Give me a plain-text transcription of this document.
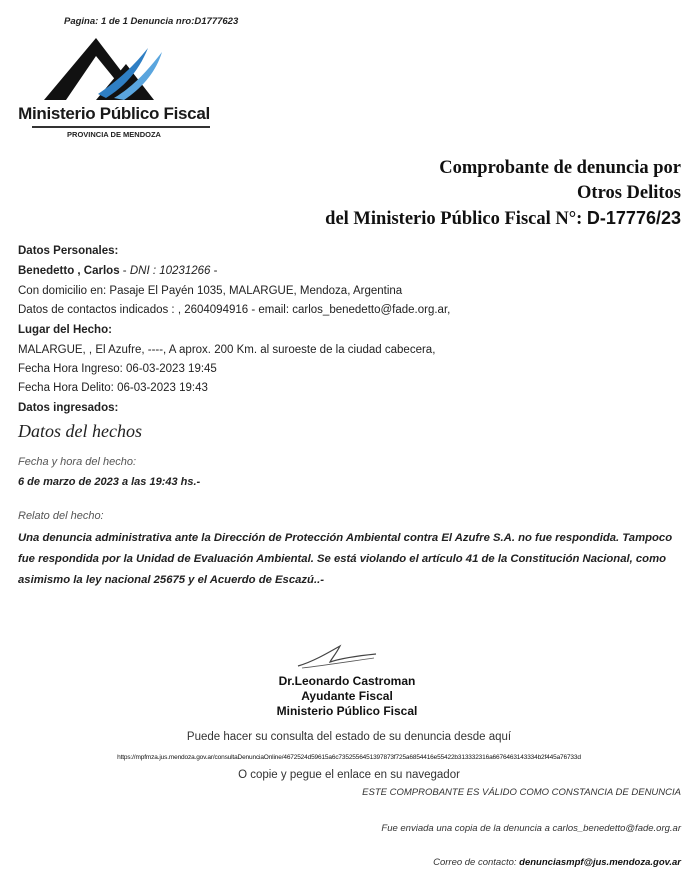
Pagina: 1 de 1 Denuncia nro:D1777623
Ministerio Público Fiscal
PROVINCIA DE MENDOZA
Comprobante de denuncia por
Otros Delitos
del Ministerio Público Fiscal N°: D-17776/23
Datos Personales:
Benedetto , Carlos - DNI : 10231266 -
Con domicilio en: Pasaje El Payén 1035, MALARGUE, Mendoza, Argentina
Datos de contactos indicados : , 2604094916 - email: carlos_benedetto@fade.org.ar,
Lugar del Hecho:
MALARGUE, , El Azufre, ----, A aprox. 200 Km. al suroeste de la ciudad cabecera,
Fecha Hora Ingreso: 06-03-2023 19:45
Fecha Hora Delito: 06-03-2023 19:43
Datos ingresados:
Datos del hechos
Fecha y hora del hecho:
6 de marzo de 2023 a las 19:43 hs.-
Relato del hecho:
Una denuncia administrativa ante la Dirección de Protección Ambiental contra El Azufre S.A. no fue respondida. Tampoco fue respondida por la Unidad de Evaluación Ambiental. Se está violando el artículo 41 de la Constitución Nacional, como asimismo la ley nacional 25675 y el Acuerdo de Escazú..-
Dr.Leonardo Castroman
Ayudante Fiscal
Ministerio Público Fiscal
Puede hacer su consulta del estado de su denuncia desde aquí
https://mpfmza.jus.mendoza.gov.ar/consultaDenunciaOnline/4672524d59615a6c7352556451397873f725a6854416e55422b313332316a6676463143334b2f445a76733d
O copie y pegue el enlace en su navegador
ESTE COMPROBANTE ES VÁLIDO COMO CONSTANCIA DE DENUNCIA
Fue enviada una copia de la denuncia a carlos_benedetto@fade.org.ar
Correo de contacto: denunciasmpf@jus.mendoza.gov.ar
